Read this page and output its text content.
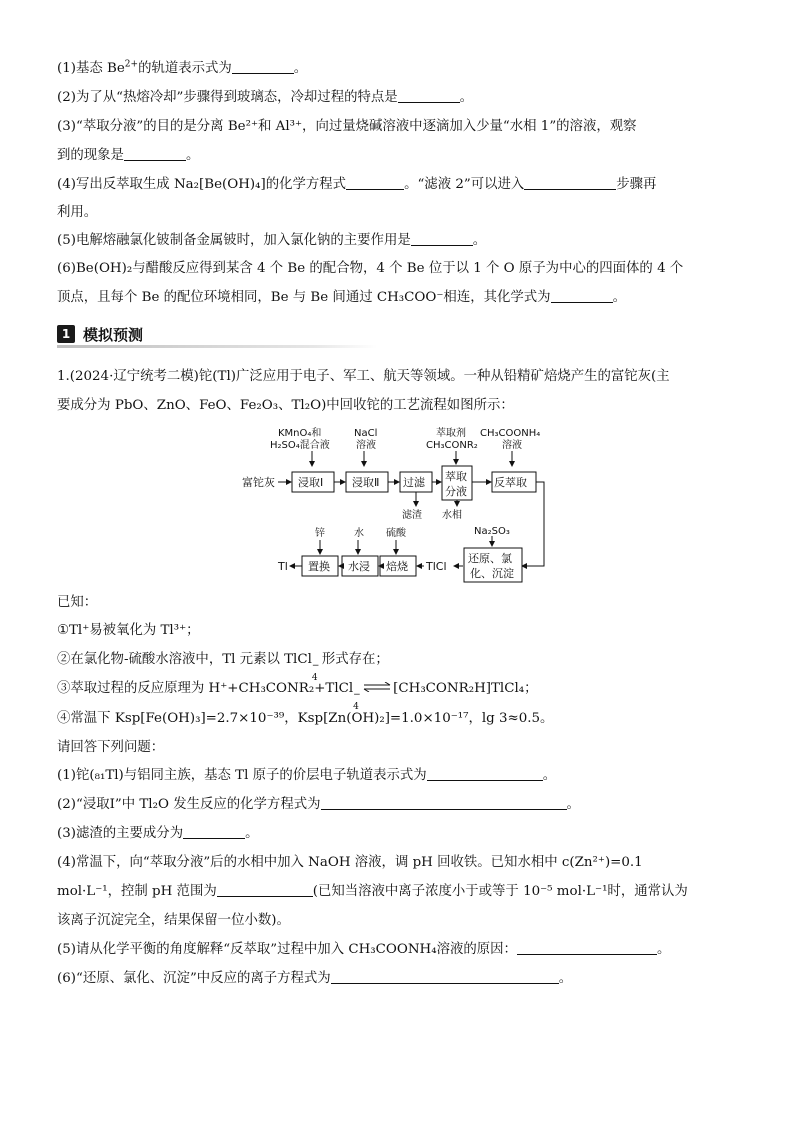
(1)基态 $Be^{2+}$的轨道表示式为	。
(2)为了从“热熔冷却”步骤得到玻璃态，冷却过程的特点是	。
(3)“萃取分液”的目的是分离 Be²⁺和 Al³⁺，向过量烧碱溶液中逐滴加入少量“水相 1”的溶液，观察
到的现象是	。
(4)写出反萃取生成 Na₂[Be(OH)₄]的化学方程式	。“滤液 2”可以进入	步骤再
利用。
(5)电解熔融氯化铍制备金属铍时，加入氯化钠的主要作用是	。
(6)Be(OH)₂与醋酸反应得到某含 4 个 Be 的配合物，4 个 Be 位于以 1 个 O 原子为中心的四面体的 4 个
顶点，且每个 Be 的配位环境相同，Be 与 Be 间通过 CH₃COO⁻相连，其化学式为	。
1 模拟预测
1.(2024·辽宁统考二模)铊(Tl)广泛应用于电子、军工、航天等领域。一种从铅精矿焙烧产生的富铊灰(主
要成分为 PbO、ZnO、FeO、Fe₂O₃、Tl₂O)中回收铊的工艺流程如图所示：
KMnO₄和
H₂SO₄混合液
NaCl
溶液
萃取剂
CH₃CONR₂
CH₃COONH₄
溶液
富铊灰 浸取Ⅰ	浸取Ⅱ 过滤 萃取
分液
反萃取
滤渣 水相
Na₂SO₃
锌	水 硫酸
Tl 置换 水浸 焙烧 TlCl
还原、氯
化、沉淀
已知：
①Tl⁺易被氧化为 Tl³⁺；
②在氯化物-硫酸水溶液中，Tl 元素以 TlCl −
4
形式存在；
③萃取过程的反应原理为 H⁺+CH₃CONR₂+TlCl −
4
⇌[CH₃CONR₂H]TlCl₄；
④常温下 Ksp[Fe(OH)₃]=2.7×10⁻³⁹，Ksp[Zn(OH)₂]=1.0×10⁻¹⁷，lg 3≈0.5。
请回答下列问题：
(1)铊(₈₁Tl)与铝同主族，基态 Tl 原子的价层电子轨道表示式为	。
(2)“浸取Ⅰ”中 Tl₂O 发生反应的化学方程式为	。
(3)滤渣的主要成分为	。
(4)常温下，向“萃取分液”后的水相中加入 NaOH 溶液，调 pH 回收铁。已知水相中 c(Zn²⁺)=0.1
mol·L⁻¹，控制 pH 范围为	(已知当溶液中离子浓度小于或等于 10⁻⁵ mol·L⁻¹时，通常认为
该离子沉淀完全，结果保留一位小数)。
(5)请从化学平衡的角度解释“反萃取”过程中加入 CH₃COONH₄溶液的原因：	。
(6)“还原、氯化、沉淀”中反应的离子方程式为	。
